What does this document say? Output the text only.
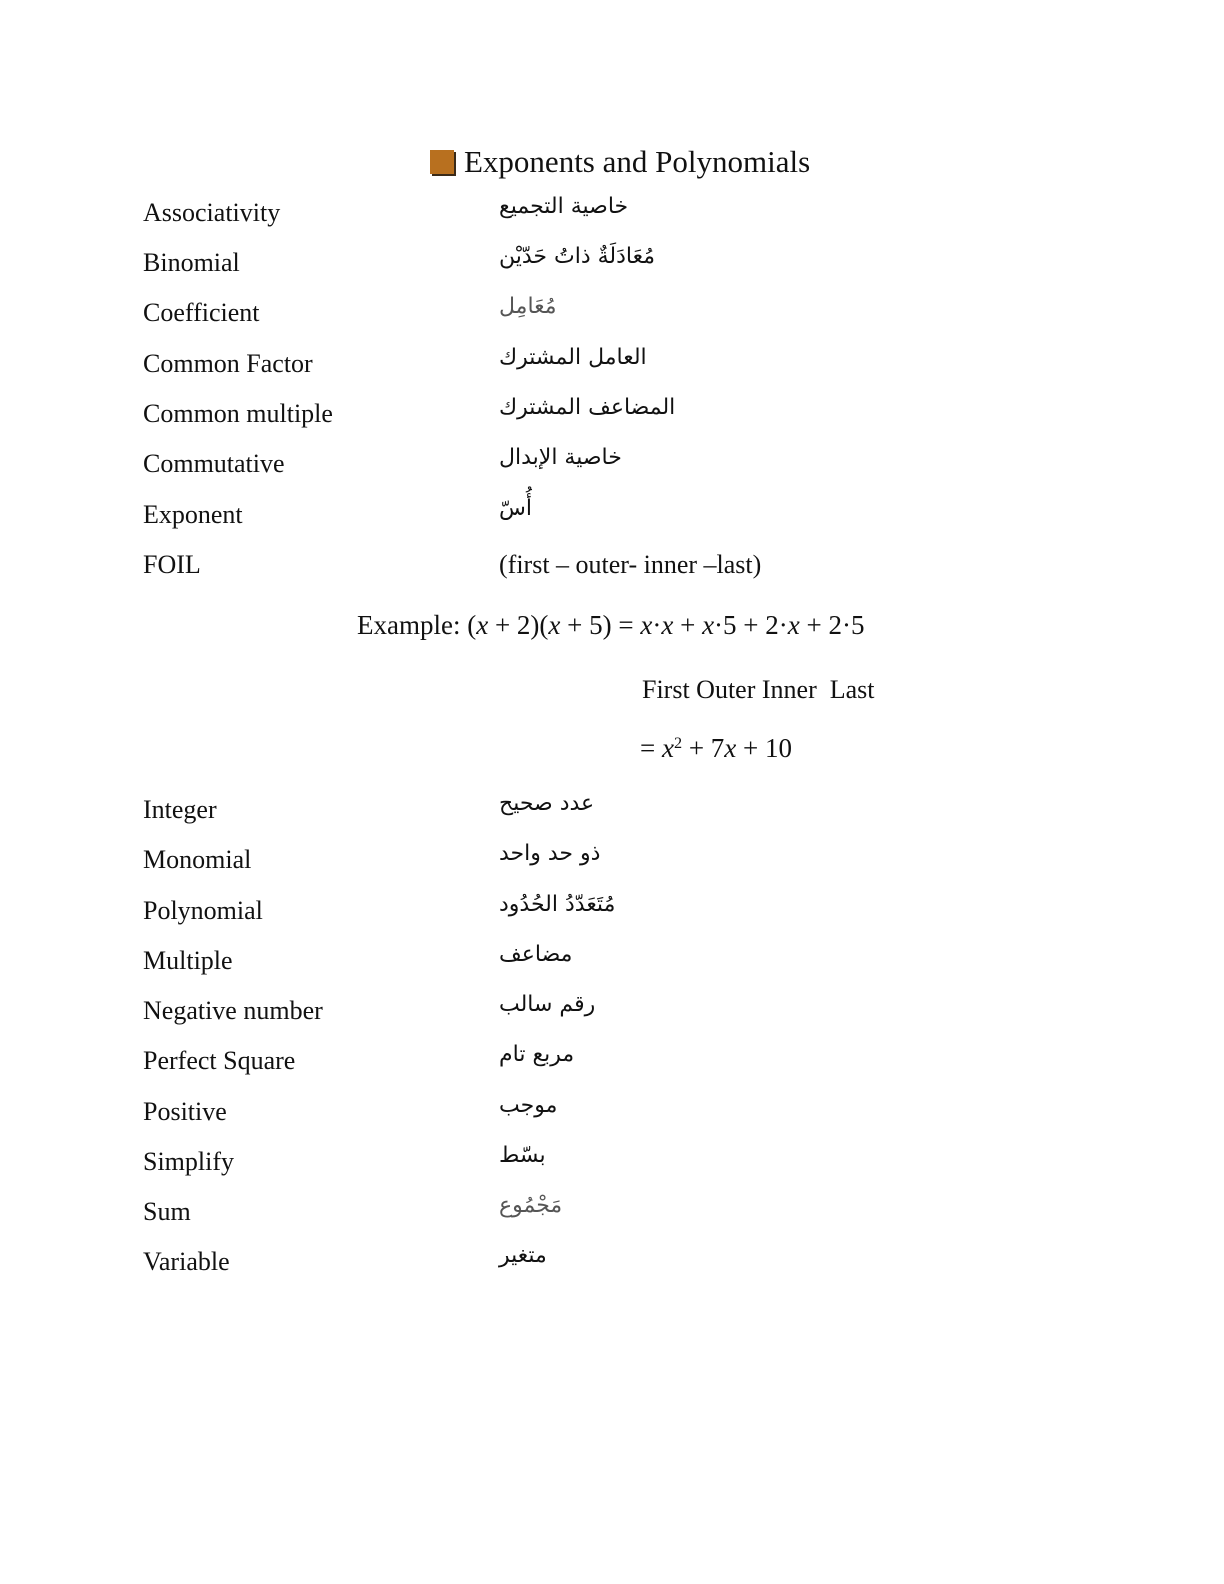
Exponents and Polynomials
Associativity	خاصية التجميع
Binomial	مُعَادَلَةٌ ذاتُ حَدّيْن
Coefficient	مُعَامِل
Common Factor	العامل المشترك
Common multiple	المضاعف المشترك
Commutative	خاصية الإبدال
Exponent	أُسّ
FOIL	(first – outer- inner –last)
Example: (x + 2)(x + 5) = x·x + x·5 + 2·x + 2·5
First Outer Inner  Last
= $x^2 + 7x + 10$
Integer	عدد صحيح
Monomial	ذو حد واحد
Polynomial	مُتَعَدّدُ الحُدُود
Multiple	مضاعف
Negative number	رقم سالب
Perfect Square	مربع تام
Positive	موجب
Simplify	بسّط
Sum	مَجْمُوع
Variable	متغير
